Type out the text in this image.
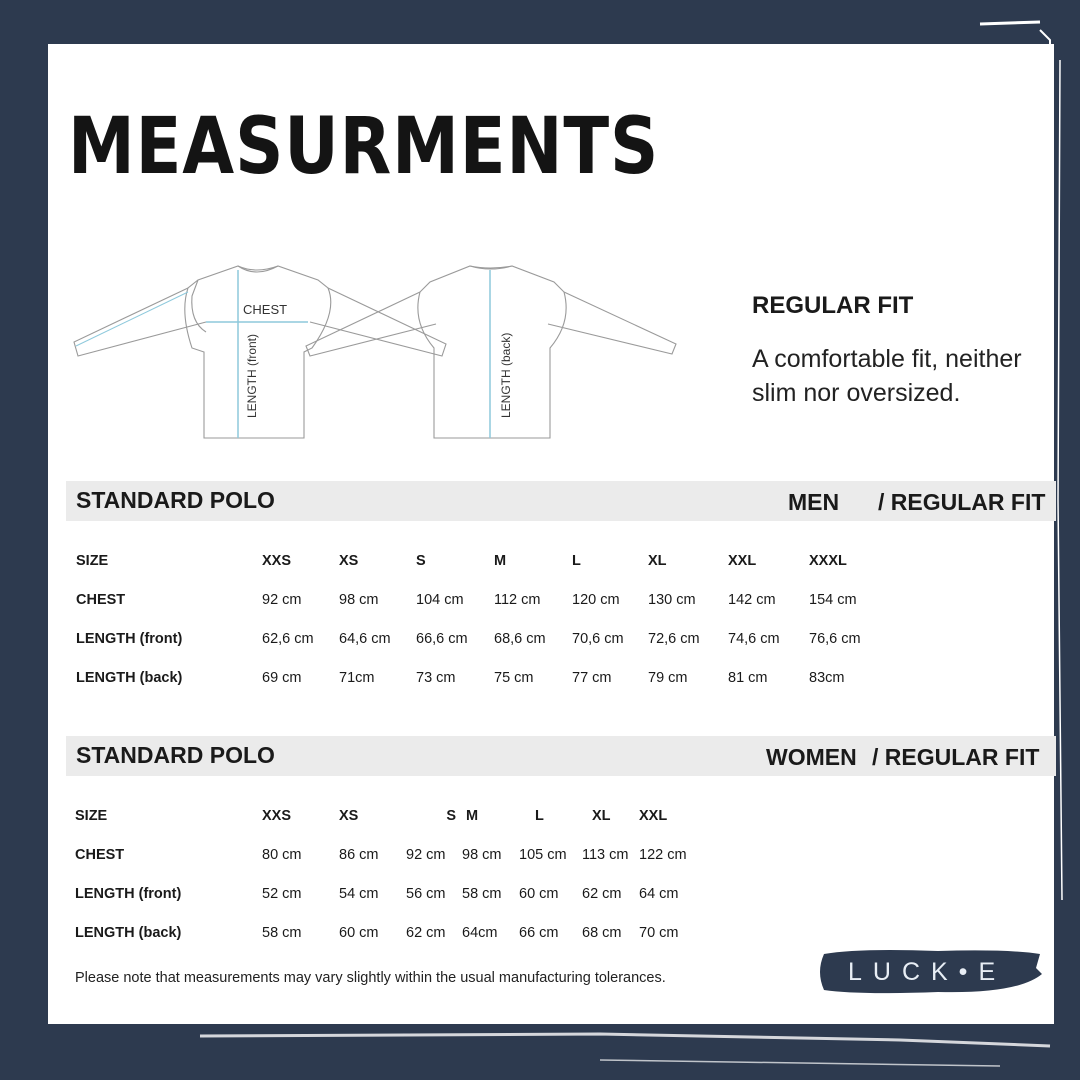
MEASURMENTS
CHEST
LENGTH (front)	LENGTH (back)
REGULAR FIT

A comfortable fit, neither slim nor oversized.

STANDARD POLO	MEN / REGULAR FIT
SIZE	XXS	XS	S	M	L	XL	XXL	XXXL
CHEST	92 cm	98 cm	104 cm	112 cm	120 cm	130 cm	142 cm	154 cm
LENGTH (front)	62,6 cm	64,6 cm	66,6 cm	68,6 cm	70,6 cm	72,6 cm	74,6 cm	76,6 cm
LENGTH (back)	69 cm	71cm	73 cm	75 cm	77 cm	79 cm	81 cm	83cm
STANDARD POLO	WOMEN / REGULAR FIT
SIZE	XXS	XS	S	M	L	XL	XXL
CHEST	80 cm	86 cm	92 cm	98 cm	105 cm	113 cm	122 cm
LENGTH (front)	52 cm	54 cm	56 cm	58 cm	60 cm	62 cm	64 cm
LENGTH (back)	58 cm	60 cm	62 cm	64cm	66 cm	68 cm	70 cm

Please note that measurements may vary slightly within the usual manufacturing tolerances.	LUCK•E
